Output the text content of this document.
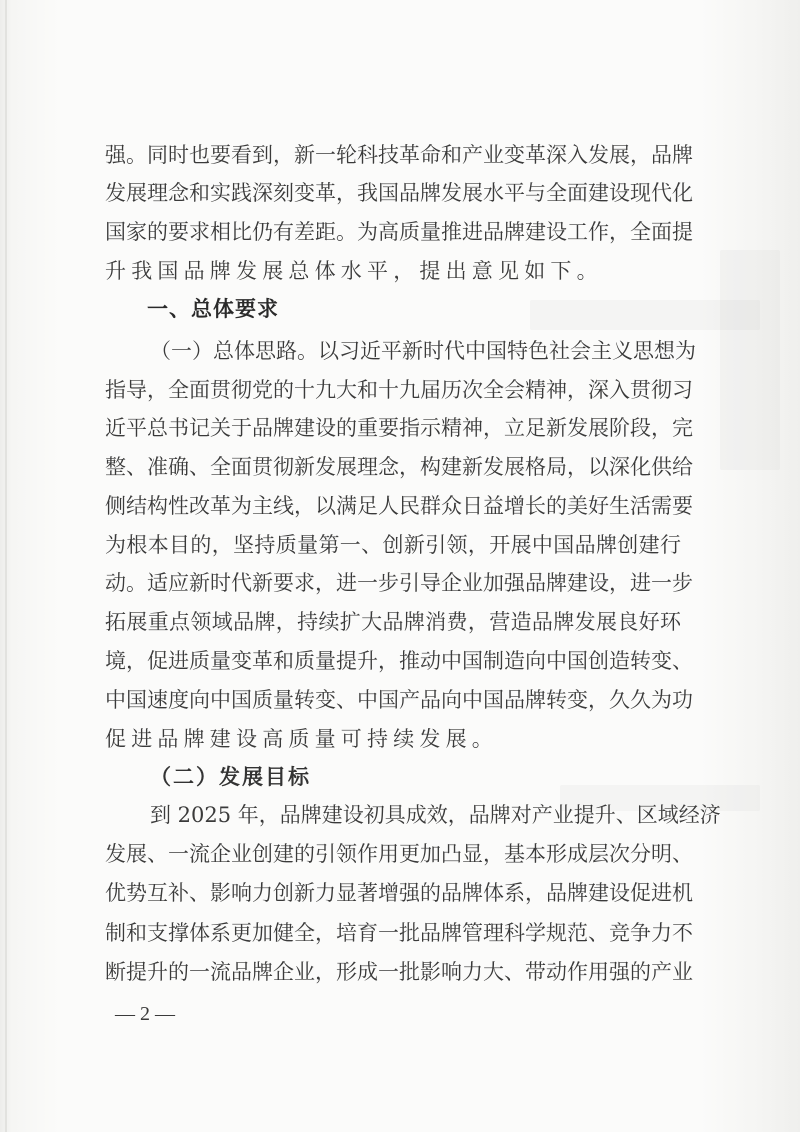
强。同时也要看到，新一轮科技革命和产业变革深入发展，品牌
发展理念和实践深刻变革，我国品牌发展水平与全面建设现代化
国家的要求相比仍有差距。为高质量推进品牌建设工作，全面提
升我国品牌发展总体水平，提出意见如下。
一、总体要求
（一）总体思路。以习近平新时代中国特色社会主义思想为
指导，全面贯彻党的十九大和十九届历次全会精神，深入贯彻习
近平总书记关于品牌建设的重要指示精神，立足新发展阶段，完
整、准确、全面贯彻新发展理念，构建新发展格局，以深化供给
侧结构性改革为主线，以满足人民群众日益增长的美好生活需要
为根本目的，坚持质量第一、创新引领，开展中国品牌创建行
动。适应新时代新要求，进一步引导企业加强品牌建设，进一步
拓展重点领域品牌，持续扩大品牌消费，营造品牌发展良好环
境，促进质量变革和质量提升，推动中国制造向中国创造转变、
中国速度向中国质量转变、中国产品向中国品牌转变，久久为功
促进品牌建设高质量可持续发展。
（二）发展目标
到 2025 年，品牌建设初具成效，品牌对产业提升、区域经济
发展、一流企业创建的引领作用更加凸显，基本形成层次分明、
优势互补、影响力创新力显著增强的品牌体系，品牌建设促进机
制和支撑体系更加健全，培育一批品牌管理科学规范、竞争力不
断提升的一流品牌企业，形成一批影响力大、带动作用强的产业
— 2 —
